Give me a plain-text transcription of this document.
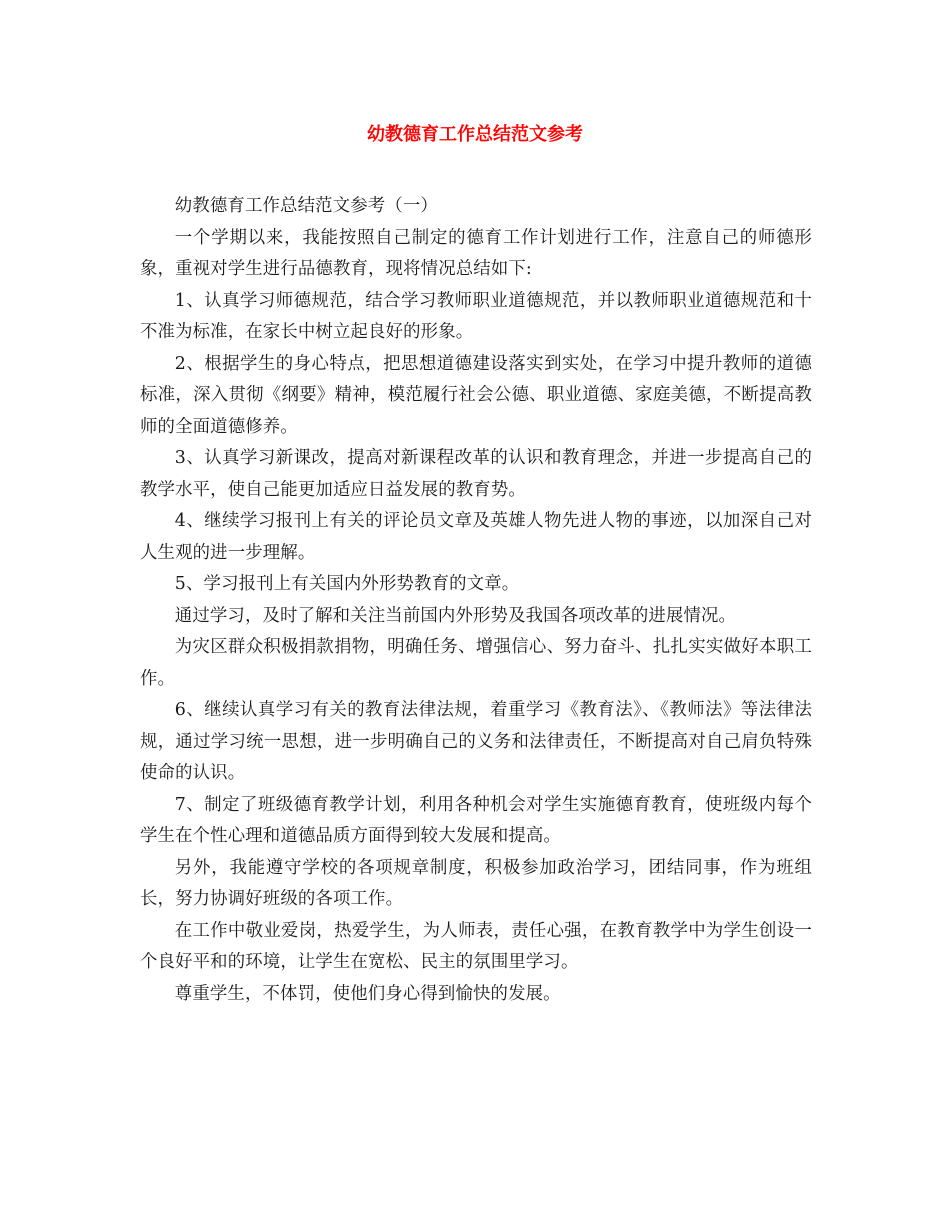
幼教德育工作总结范文参考

幼教德育工作总结范文参考（一）

一个学期以来，我能按照自己制定的德育工作计划进行工作，注意自己的师德形象，重视对学生进行品德教育，现将情况总结如下:

1、认真学习师德规范，结合学习教师职业道德规范，并以教师职业道德规范和十不准为标准，在家长中树立起良好的形象。

2、根据学生的身心特点，把思想道德建设落实到实处，在学习中提升教师的道德标准，深入贯彻《纲要》精神，模范履行社会公德、职业道德、家庭美德，不断提高教师的全面道德修养。

3、认真学习新课改，提高对新课程改革的认识和教育理念，并进一步提高自己的教学水平，使自己能更加适应日益发展的教育势。

4、继续学习报刊上有关的评论员文章及英雄人物先进人物的事迹，以加深自己对人生观的进一步理解。

5、学习报刊上有关国内外形势教育的文章。

通过学习，及时了解和关注当前国内外形势及我国各项改革的进展情况。

为灾区群众积极捐款捐物，明确任务、增强信心、努力奋斗、扎扎实实做好本职工作。

6、继续认真学习有关的教育法律法规，着重学习《教育法》、《教师法》等法律法规，通过学习统一思想，进一步明确自己的义务和法律责任，不断提高对自己肩负特殊使命的认识。

7、制定了班级德育教学计划，利用各种机会对学生实施德育教育，使班级内每个学生在个性心理和道德品质方面得到较大发展和提高。

另外，我能遵守学校的各项规章制度，积极参加政治学习，团结同事，作为班组长，努力协调好班级的各项工作。

在工作中敬业爱岗，热爱学生，为人师表，责任心强，在教育教学中为学生创设一个良好平和的环境，让学生在宽松、民主的氛围里学习。

尊重学生，不体罚，使他们身心得到愉快的发展。
